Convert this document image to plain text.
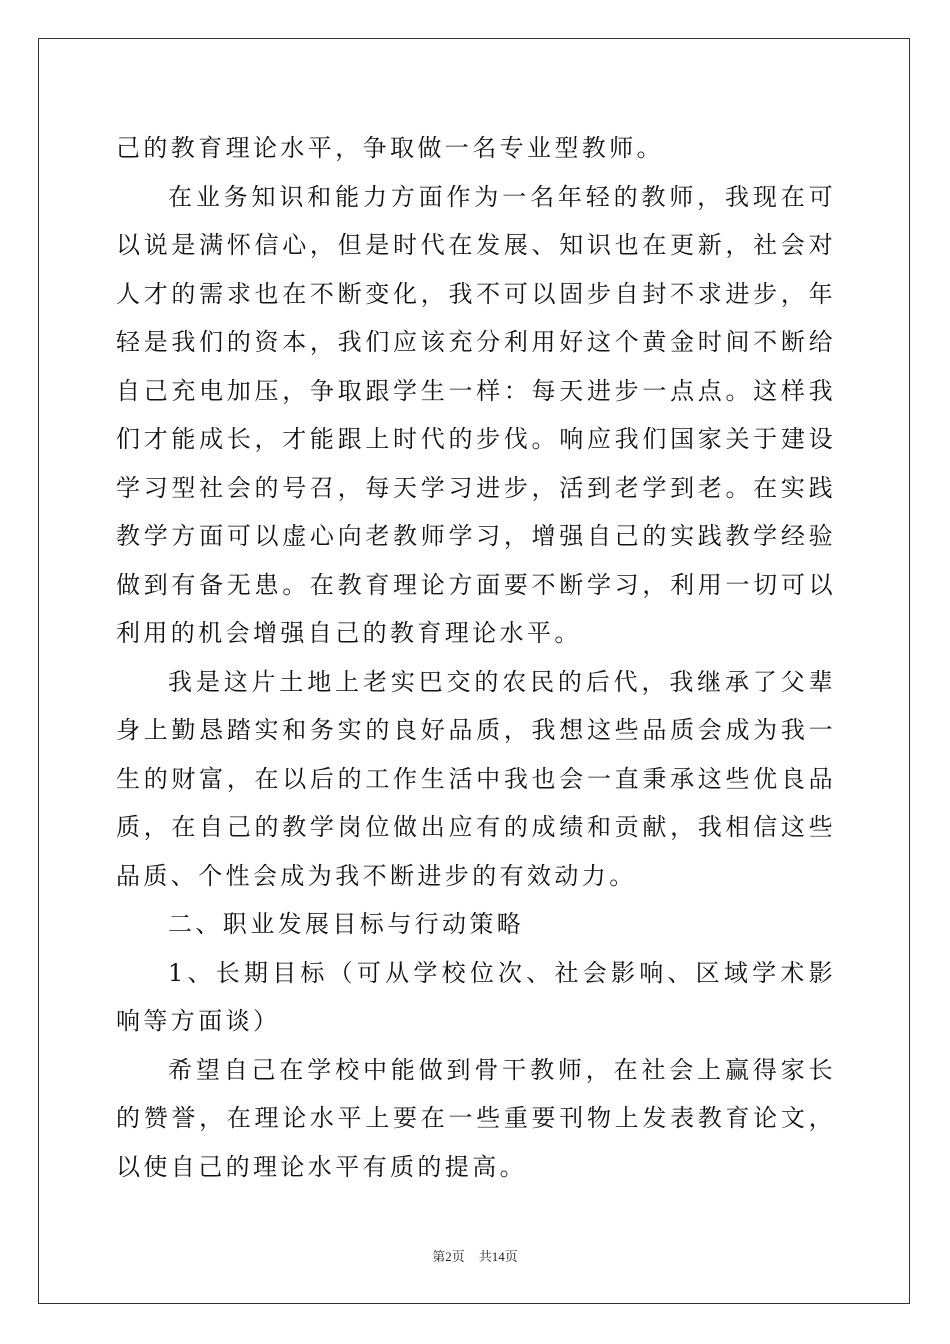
己的教育理论水平，争取做一名专业型教师。

在业务知识和能力方面作为一名年轻的教师，我现在可以说是满怀信心，但是时代在发展、知识也在更新，社会对人才的需求也在不断变化，我不可以固步自封不求进步，年轻是我们的资本，我们应该充分利用好这个黄金时间不断给自己充电加压，争取跟学生一样：每天进步一点点。这样我们才能成长，才能跟上时代的步伐。响应我们国家关于建设学习型社会的号召，每天学习进步，活到老学到老。在实践教学方面可以虚心向老教师学习，增强自己的实践教学经验做到有备无患。在教育理论方面要不断学习，利用一切可以利用的机会增强自己的教育理论水平。

我是这片土地上老实巴交的农民的后代，我继承了父辈身上勤恳踏实和务实的良好品质，我想这些品质会成为我一生的财富，在以后的工作生活中我也会一直秉承这些优良品质，在自己的教学岗位做出应有的成绩和贡献，我相信这些品质、个性会成为我不断进步的有效动力。

二、职业发展目标与行动策略

1、长期目标（可从学校位次、社会影响、区域学术影响等方面谈）

希望自己在学校中能做到骨干教师，在社会上赢得家长的赞誉，在理论水平上要在一些重要刊物上发表教育论文，以使自己的理论水平有质的提高。

第2页 共14页
